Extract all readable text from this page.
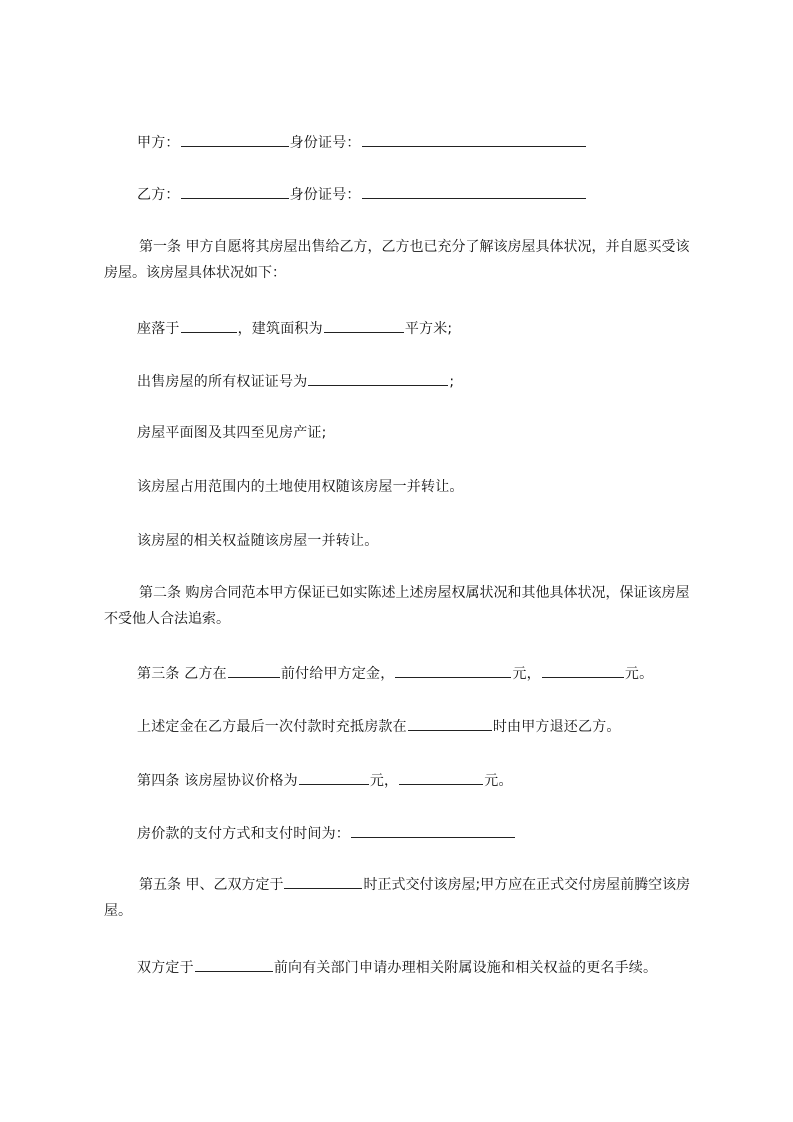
甲方：	身份证号：
乙方：	身份证号：
第一条 甲方自愿将其房屋出售给乙方，乙方也已充分了解该房屋具体状况，并自愿买受该房屋。该房屋具体状况如下：
座落于	，建筑面积为	平方米;
出售房屋的所有权证证号为	;
房屋平面图及其四至见房产证;
该房屋占用范围内的土地使用权随该房屋一并转让。
该房屋的相关权益随该房屋一并转让。
第二条 购房合同范本甲方保证已如实陈述上述房屋权属状况和其他具体状况，保证该房屋不受他人合法追索。
第三条 乙方在	前付给甲方定金，	元，	元。
上述定金在乙方最后一次付款时充抵房款在	时由甲方退还乙方。
第四条 该房屋协议价格为	元，	元。
房价款的支付方式和支付时间为：
第五条 甲、乙双方定于	时正式交付该房屋;甲方应在正式交付房屋前腾空该房屋。
双方定于	前向有关部门申请办理相关附属设施和相关权益的更名手续。
